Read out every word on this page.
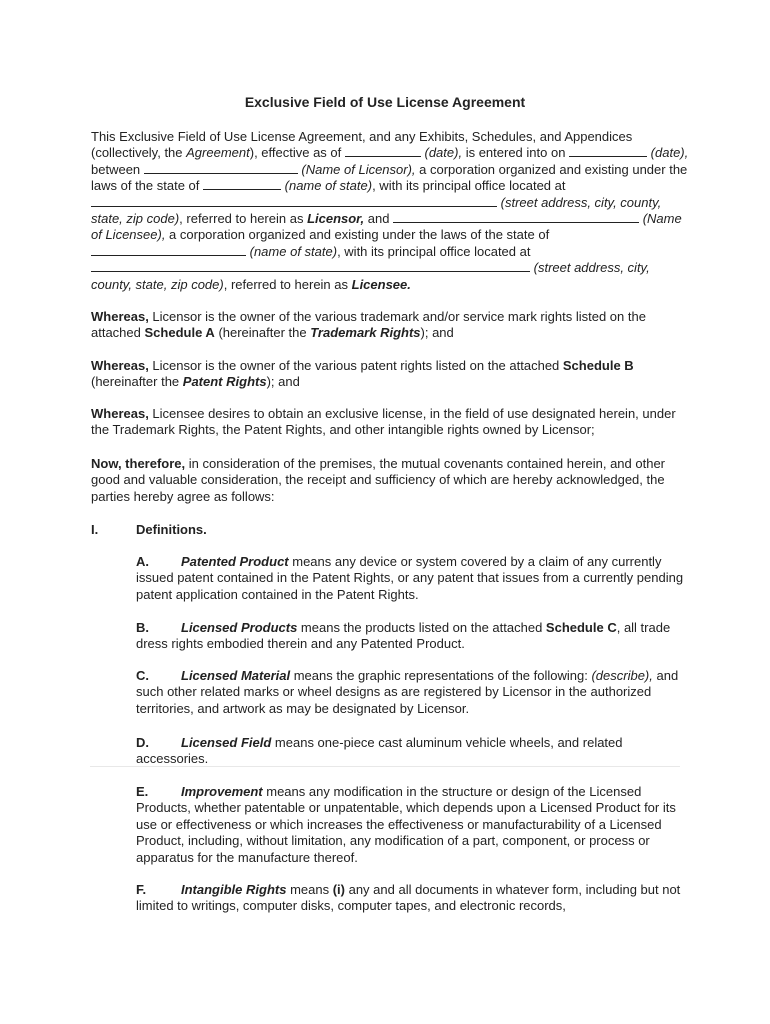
Exclusive Field of Use License Agreement
This Exclusive Field of Use License Agreement, and any Exhibits, Schedules, and Appendices (collectively, the Agreement), effective as of	(date), is entered into on	(date), between	(Name of Licensor), a corporation organized and existing under the laws of the state of	(name of state), with its principal office located at  (street address, city, county, state, zip code), referred to herein as Licensor, and	(Name of Licensee), a corporation organized and existing under the laws of the state of  (name of state), with its principal office located at  (street address, city, county, state, zip code), referred to herein as Licensee.
Whereas, Licensor is the owner of the various trademark and/or service mark rights listed on the attached Schedule A (hereinafter the Trademark Rights); and
Whereas, Licensor is the owner of the various patent rights listed on the attached Schedule B (hereinafter the Patent Rights); and
Whereas, Licensee desires to obtain an exclusive license, in the field of use designated herein, under the Trademark Rights, the Patent Rights, and other intangible rights owned by Licensor;
Now, therefore, in consideration of the premises, the mutual covenants contained herein, and other good and valuable consideration, the receipt and sufficiency of which are hereby acknowledged, the parties hereby agree as follows:
I.	Definitions.
A. Patented Product means any device or system covered by a claim of any currently issued patent contained in the Patent Rights, or any patent that issues from a currently pending patent application contained in the Patent Rights.
B. Licensed Products means the products listed on the attached Schedule C, all trade dress rights embodied therein and any Patented Product.
C. Licensed Material means the graphic representations of the following: (describe), and such other related marks or wheel designs as are registered by Licensor in the authorized territories, and artwork as may be designated by Licensor.
D. Licensed Field means one-piece cast aluminum vehicle wheels, and related accessories.
E.	Improvement means any modification in the structure or design of the Licensed Products, whether patentable or unpatentable, which depends upon a Licensed Product for its use or effectiveness or which increases the effectiveness or manufacturability of a Licensed Product, including, without limitation, any modification of a part, component, or process or apparatus for the manufacture thereof.
F.	Intangible Rights means (i) any and all documents in whatever form, including but not limited to writings, computer disks, computer tapes, and electronic records,
